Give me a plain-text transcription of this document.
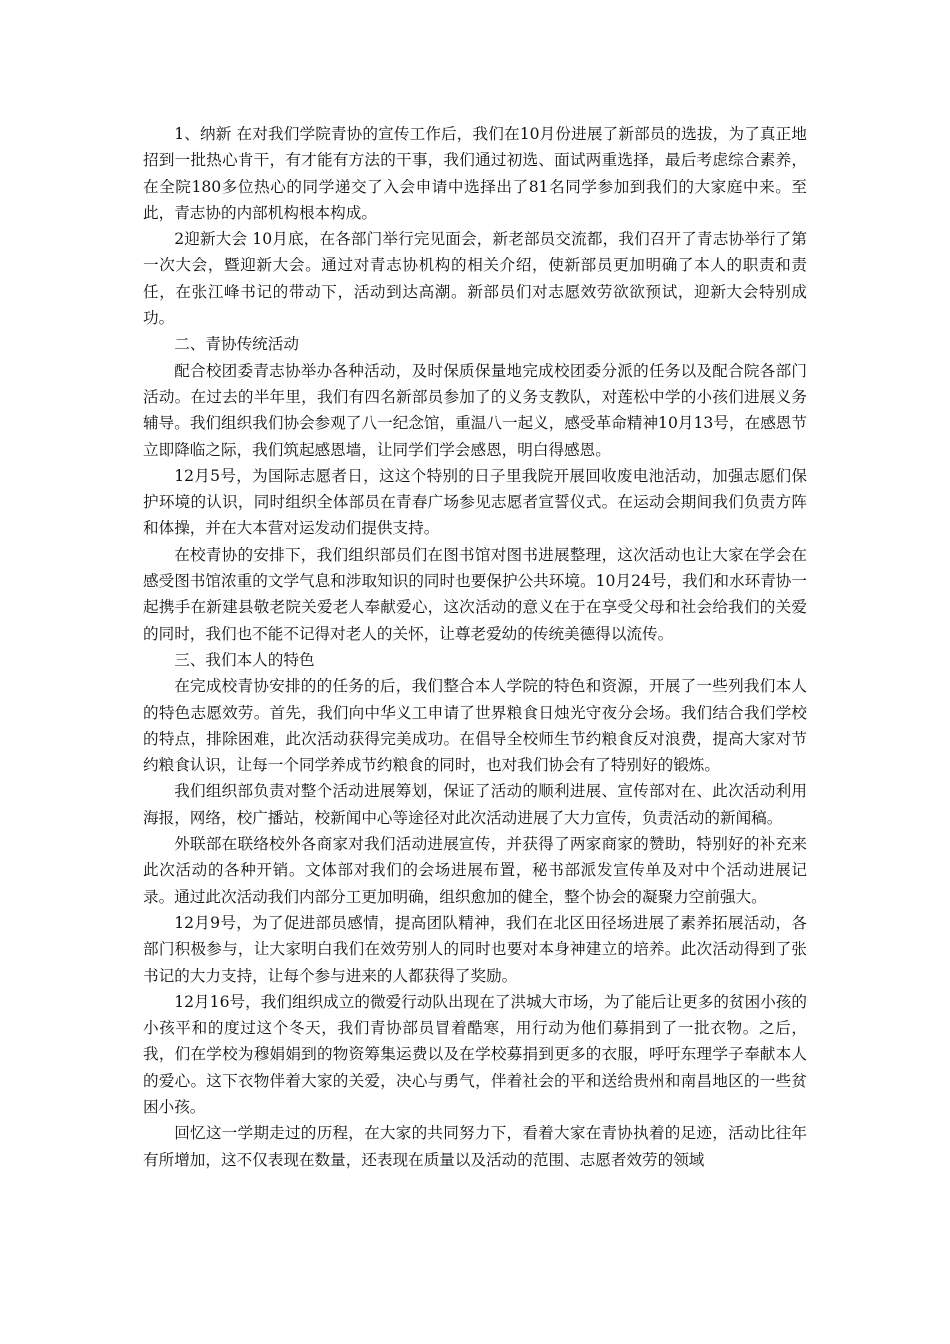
1、纳新 在对我们学院青协的宣传工作后，我们在10月份进展了新部员的选拔，为了真正地招到一批热心肯干，有才能有方法的干事，我们通过初选、面试两重选择，最后考虑综合素养，在全院180多位热心的同学递交了入会申请中选择出了81名同学参加到我们的大家庭中来。至此，青志协的内部机构根本构成。

2迎新大会 10月底，在各部门举行完见面会，新老部员交流都，我们召开了青志协举行了第一次大会，暨迎新大会。通过对青志协机构的相关介绍，使新部员更加明确了本人的职责和责任，在张江峰书记的带动下，活动到达高潮。新部员们对志愿效劳欲欲预试，迎新大会特别成功。

二、青协传统活动

配合校团委青志协举办各种活动，及时保质保量地完成校团委分派的任务以及配合院各部门活动。在过去的半年里，我们有四名新部员参加了的义务支教队，对莲松中学的小孩们进展义务辅导。我们组织我们协会参观了八一纪念馆，重温八一起义，感受革命精神10月13号，在感恩节立即降临之际，我们筑起感恩墙，让同学们学会感恩，明白得感恩。

12月5号，为国际志愿者日，这这个特别的日子里我院开展回收废电池活动，加强志愿们保护环境的认识，同时组织全体部员在青春广场参见志愿者宣誓仪式。在运动会期间我们负责方阵和体操，并在大本营对运发动们提供支持。

在校青协的安排下，我们组织部员们在图书馆对图书进展整理，这次活动也让大家在学会在感受图书馆浓重的文学气息和涉取知识的同时也要保护公共环境。10月24号，我们和水环青协一起携手在新建县敬老院关爱老人奉献爱心，这次活动的意义在于在享受父母和社会给我们的关爱的同时，我们也不能不记得对老人的关怀，让尊老爱幼的传统美德得以流传。

三、我们本人的特色

在完成校青协安排的的任务的后，我们整合本人学院的特色和资源，开展了一些列我们本人的特色志愿效劳。首先，我们向中华义工申请了世界粮食日烛光守夜分会场。我们结合我们学校的特点，排除困难，此次活动获得完美成功。在倡导全校师生节约粮食反对浪费，提高大家对节约粮食认识，让每一个同学养成节约粮食的同时，也对我们协会有了特别好的锻炼。

我们组织部负责对整个活动进展筹划，保证了活动的顺利进展、宣传部对在、此次活动利用海报，网络，校广播站，校新闻中心等途径对此次活动进展了大力宣传，负责活动的新闻稿。

外联部在联络校外各商家对我们活动进展宣传，并获得了两家商家的赞助，特别好的补充来此次活动的各种开销。文体部对我们的会场进展布置，秘书部派发宣传单及对中个活动进展记录。通过此次活动我们内部分工更加明确，组织愈加的健全，整个协会的凝聚力空前强大。

12月9号，为了促进部员感情，提高团队精神，我们在北区田径场进展了素养拓展活动，各部门积极参与，让大家明白我们在效劳别人的同时也要对本身神建立的培养。此次活动得到了张书记的大力支持，让每个参与进来的人都获得了奖励。

12月16号，我们组织成立的微爱行动队出现在了洪城大市场，为了能后让更多的贫困小孩的小孩平和的度过这个冬天，我们青协部员冒着酷寒，用行动为他们募捐到了一批衣物。之后，我，们在学校为穆娟娟到的物资筹集运费以及在学校募捐到更多的衣服，呼吁东理学子奉献本人的爱心。这下衣物伴着大家的关爱，决心与勇气，伴着社会的平和送给贵州和南昌地区的一些贫困小孩。

回忆这一学期走过的历程，在大家的共同努力下，看着大家在青协执着的足迹，活动比往年有所增加，这不仅表现在数量，还表现在质量以及活动的范围、志愿者效劳的领域
